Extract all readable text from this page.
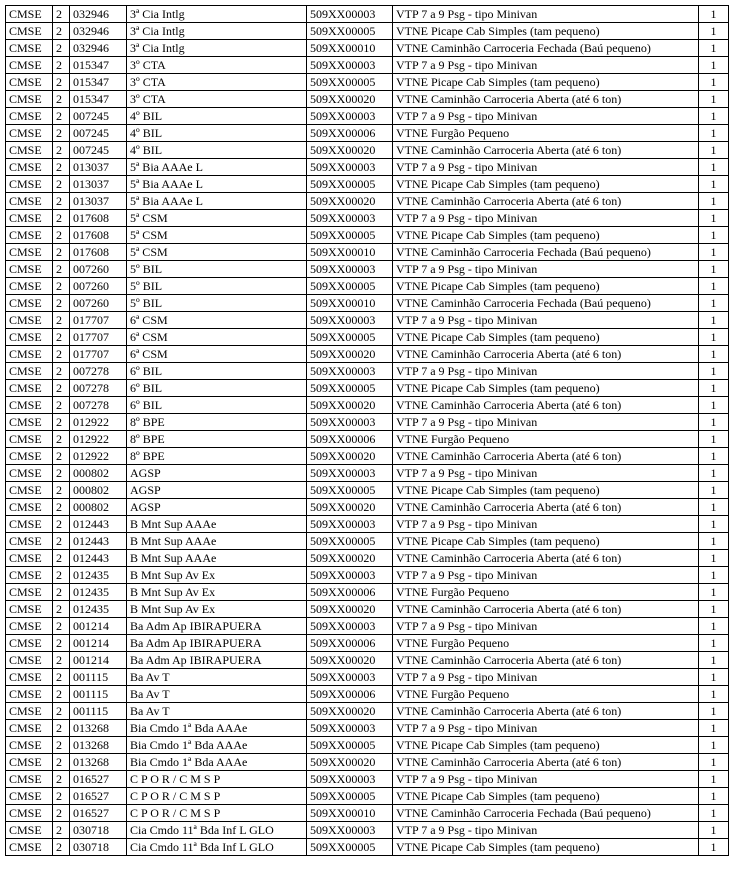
CMSE	2	032946	3ª Cia Intlg	509XX00003	VTP 7 a 9 Psg - tipo Minivan	1
CMSE	2	032946	3ª Cia Intlg	509XX00005	VTNE Picape Cab Simples (tam pequeno)	1
CMSE	2	032946	3ª Cia Intlg	509XX00010	VTNE Caminhão Carroceria Fechada (Baú pequeno)	1
CMSE	2	015347	3º CTA	509XX00003	VTP 7 a 9 Psg - tipo Minivan	1
CMSE	2	015347	3º CTA	509XX00005	VTNE Picape Cab Simples (tam pequeno)	1
CMSE	2	015347	3º CTA	509XX00020	VTNE Caminhão Carroceria Aberta (até 6 ton)	1
CMSE	2	007245	4º BIL	509XX00003	VTP 7 a 9 Psg - tipo Minivan	1
CMSE	2	007245	4º BIL	509XX00006	VTNE Furgão Pequeno	1
CMSE	2	007245	4º BIL	509XX00020	VTNE Caminhão Carroceria Aberta (até 6 ton)	1
CMSE	2	013037	5ª Bia AAAe L	509XX00003	VTP 7 a 9 Psg - tipo Minivan	1
CMSE	2	013037	5ª Bia AAAe L	509XX00005	VTNE Picape Cab Simples (tam pequeno)	1
CMSE	2	013037	5ª Bia AAAe L	509XX00020	VTNE Caminhão Carroceria Aberta (até 6 ton)	1
CMSE	2	017608	5ª CSM	509XX00003	VTP 7 a 9 Psg - tipo Minivan	1
CMSE	2	017608	5ª CSM	509XX00005	VTNE Picape Cab Simples (tam pequeno)	1
CMSE	2	017608	5ª CSM	509XX00010	VTNE Caminhão Carroceria Fechada (Baú pequeno)	1
CMSE	2	007260	5º BIL	509XX00003	VTP 7 a 9 Psg - tipo Minivan	1
CMSE	2	007260	5º BIL	509XX00005	VTNE Picape Cab Simples (tam pequeno)	1
CMSE	2	007260	5º BIL	509XX00010	VTNE Caminhão Carroceria Fechada (Baú pequeno)	1
CMSE	2	017707	6ª CSM	509XX00003	VTP 7 a 9 Psg - tipo Minivan	1
CMSE	2	017707	6ª CSM	509XX00005	VTNE Picape Cab Simples (tam pequeno)	1
CMSE	2	017707	6ª CSM	509XX00020	VTNE Caminhão Carroceria Aberta (até 6 ton)	1
CMSE	2	007278	6º BIL	509XX00003	VTP 7 a 9 Psg - tipo Minivan	1
CMSE	2	007278	6º BIL	509XX00005	VTNE Picape Cab Simples (tam pequeno)	1
CMSE	2	007278	6º BIL	509XX00020	VTNE Caminhão Carroceria Aberta (até 6 ton)	1
CMSE	2	012922	8º BPE	509XX00003	VTP 7 a 9 Psg - tipo Minivan	1
CMSE	2	012922	8º BPE	509XX00006	VTNE Furgão Pequeno	1
CMSE	2	012922	8º BPE	509XX00020	VTNE Caminhão Carroceria Aberta (até 6 ton)	1
CMSE	2	000802	AGSP	509XX00003	VTP 7 a 9 Psg - tipo Minivan	1
CMSE	2	000802	AGSP	509XX00005	VTNE Picape Cab Simples (tam pequeno)	1
CMSE	2	000802	AGSP	509XX00020	VTNE Caminhão Carroceria Aberta (até 6 ton)	1
CMSE	2	012443	B Mnt Sup AAAe	509XX00003	VTP 7 a 9 Psg - tipo Minivan	1
CMSE	2	012443	B Mnt Sup AAAe	509XX00005	VTNE Picape Cab Simples (tam pequeno)	1
CMSE	2	012443	B Mnt Sup AAAe	509XX00020	VTNE Caminhão Carroceria Aberta (até 6 ton)	1
CMSE	2	012435	B Mnt Sup Av Ex	509XX00003	VTP 7 a 9 Psg - tipo Minivan	1
CMSE	2	012435	B Mnt Sup Av Ex	509XX00006	VTNE Furgão Pequeno	1
CMSE	2	012435	B Mnt Sup Av Ex	509XX00020	VTNE Caminhão Carroceria Aberta (até 6 ton)	1
CMSE	2	001214	Ba Adm Ap IBIRAPUERA	509XX00003	VTP 7 a 9 Psg - tipo Minivan	1
CMSE	2	001214	Ba Adm Ap IBIRAPUERA	509XX00006	VTNE Furgão Pequeno	1
CMSE	2	001214	Ba Adm Ap IBIRAPUERA	509XX00020	VTNE Caminhão Carroceria Aberta (até 6 ton)	1
CMSE	2	001115	Ba Av T	509XX00003	VTP 7 a 9 Psg - tipo Minivan	1
CMSE	2	001115	Ba Av T	509XX00006	VTNE Furgão Pequeno	1
CMSE	2	001115	Ba Av T	509XX00020	VTNE Caminhão Carroceria Aberta (até 6 ton)	1
CMSE	2	013268	Bia Cmdo 1ª Bda AAAe	509XX00003	VTP 7 a 9 Psg - tipo Minivan	1
CMSE	2	013268	Bia Cmdo 1ª Bda AAAe	509XX00005	VTNE Picape Cab Simples (tam pequeno)	1
CMSE	2	013268	Bia Cmdo 1ª Bda AAAe	509XX00020	VTNE Caminhão Carroceria Aberta (até 6 ton)	1
CMSE	2	016527	C P O R / C M S P	509XX00003	VTP 7 a 9 Psg - tipo Minivan	1
CMSE	2	016527	C P O R / C M S P	509XX00005	VTNE Picape Cab Simples (tam pequeno)	1
CMSE	2	016527	C P O R / C M S P	509XX00010	VTNE Caminhão Carroceria Fechada (Baú pequeno)	1
CMSE	2	030718	Cia Cmdo 11ª Bda Inf L GLO	509XX00003	VTP 7 a 9 Psg - tipo Minivan	1
CMSE	2	030718	Cia Cmdo 11ª Bda Inf L GLO	509XX00005	VTNE Picape Cab Simples (tam pequeno)	1
